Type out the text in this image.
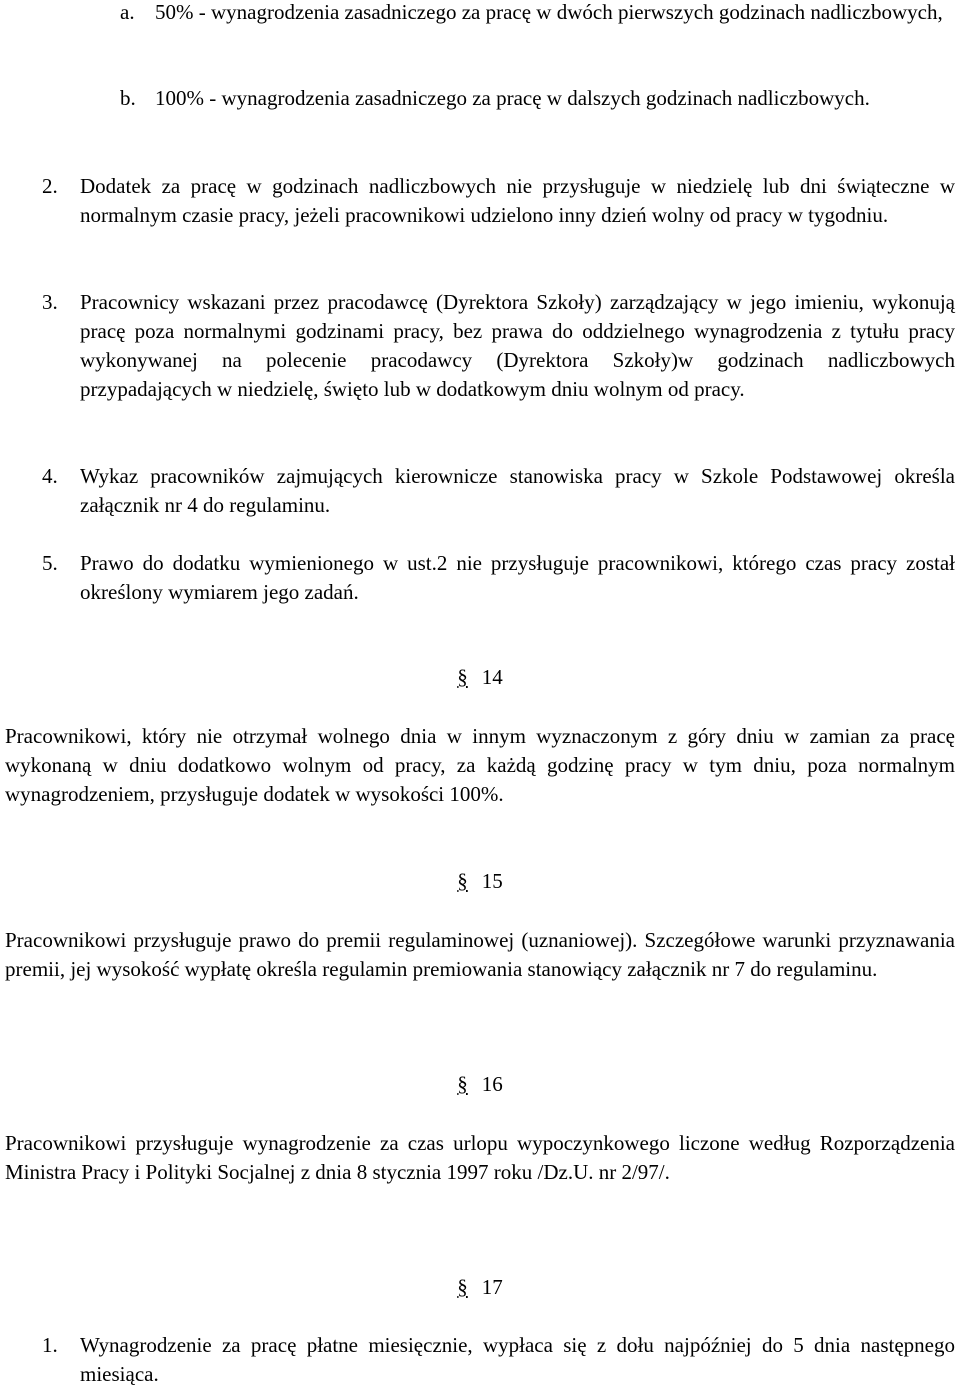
a. 50% - wynagrodzenia zasadniczego za pracę w dwóch pierwszych godzinach nadliczbowych,
b. 100% - wynagrodzenia zasadniczego za pracę w dalszych godzinach nadliczbowych.
2. Dodatek za pracę w godzinach nadliczbowych nie przysługuje w niedzielę lub dni świąteczne w normalnym czasie pracy, jeżeli pracownikowi udzielono inny dzień wolny od pracy w tygodniu.
3. Pracownicy wskazani przez pracodawcę (Dyrektora Szkoły) zarządzający w jego imieniu, wykonują pracę poza normalnymi godzinami pracy, bez prawa do oddzielnego wynagrodzenia z tytułu pracy wykonywanej na polecenie pracodawcy (Dyrektora Szkoły)w godzinach nadliczbowych przypadających w niedzielę, święto lub w dodatkowym dniu wolnym od pracy.
4. Wykaz pracowników zajmujących kierownicze stanowiska pracy w Szkole Podstawowej określa załącznik nr 4 do regulaminu.
5. Prawo do dodatku wymienionego w ust.2 nie przysługuje pracownikowi, którego czas pracy został określony wymiarem jego zadań.
§ 14

Pracownikowi, który nie otrzymał wolnego dnia w innym wyznaczonym z góry dniu w zamian za pracę wykonaną w dniu dodatkowo wolnym od pracy, za każdą godzinę pracy w tym dniu, poza normalnym wynagrodzeniem, przysługuje dodatek w wysokości 100%.

§ 15

Pracownikowi przysługuje prawo do premii regulaminowej (uznaniowej). Szczegółowe warunki przyznawania premii, jej wysokość wypłatę określa regulamin premiowania stanowiący załącznik nr 7 do regulaminu.

§ 16

Pracownikowi przysługuje wynagrodzenie za czas urlopu wypoczynkowego liczone według Rozporządzenia Ministra Pracy i Polityki Socjalnej z dnia 8 stycznia 1997 roku /Dz.U. nr 2/97/.

§ 17
1. Wynagrodzenie za pracę płatne miesięcznie, wypłaca się z dołu najpóźniej do 5 dnia następnego miesiąca.
